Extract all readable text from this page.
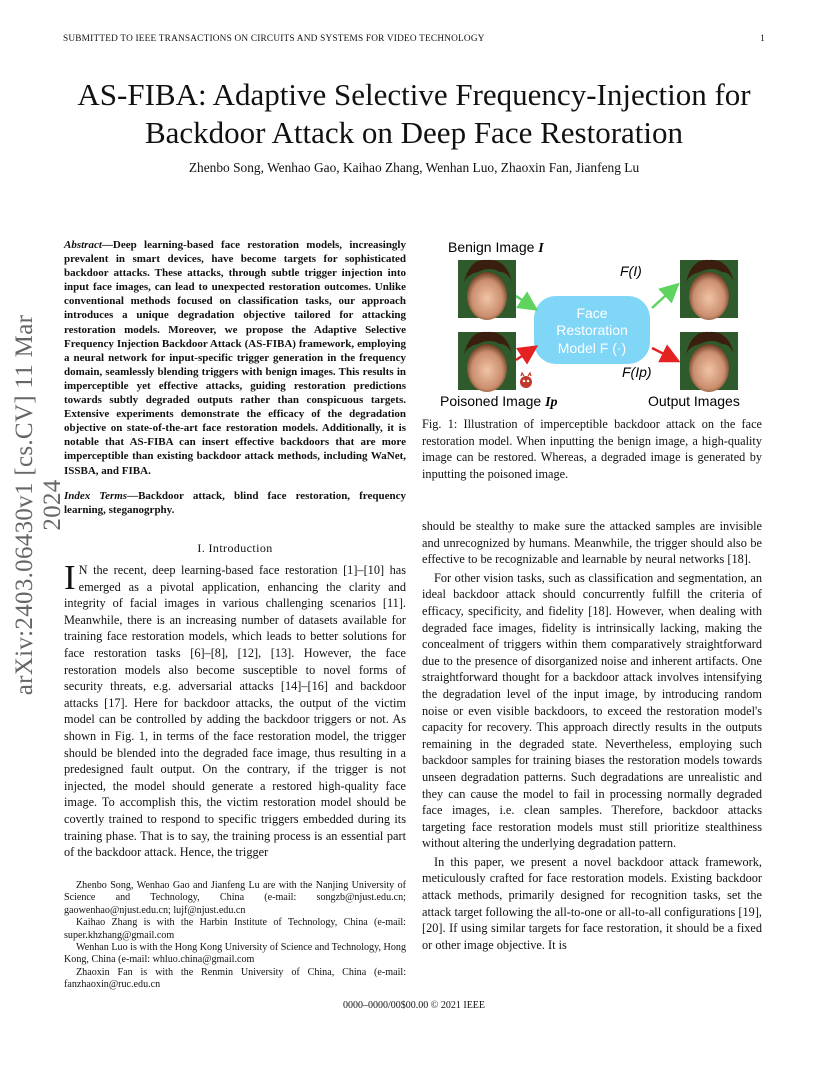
SUBMITTED TO IEEE TRANSACTIONS ON CIRCUITS AND SYSTEMS FOR VIDEO TECHNOLOGY	1
AS-FIBA: Adaptive Selective Frequency-Injection for Backdoor Attack on Deep Face Restoration
Zhenbo Song, Wenhao Gao, Kaihao Zhang, Wenhan Luo, Zhaoxin Fan, Jianfeng Lu
arXiv:2403.06430v1 [cs.CV] 11 Mar 2024
Abstract—Deep learning-based face restoration models, increasingly prevalent in smart devices, have become targets for sophisticated backdoor attacks. These attacks, through subtle trigger injection into input face images, can lead to unexpected restoration outcomes. Unlike conventional methods focused on classification tasks, our approach introduces a unique degradation objective tailored for attacking restoration models. Moreover, we propose the Adaptive Selective Frequency Injection Backdoor Attack (AS-FIBA) framework, employing a neural network for input-specific trigger generation in the frequency domain, seamlessly blending triggers with benign images. This results in imperceptible yet effective attacks, guiding restoration predictions towards subtly degraded outputs rather than conspicuous targets. Extensive experiments demonstrate the efficacy of the degradation objective on state-of-the-art face restoration models. Additionally, it is notable that AS-FIBA can insert effective backdoors that are more imperceptible than existing backdoor attack methods, including WaNet, ISSBA, and FIBA.
Index Terms—Backdoor attack, blind face restoration, frequency learning, steganogrphy.
I. Introduction
I N the recent, deep learning-based face restoration [1]–[10] has emerged as a pivotal application, enhancing the clarity and integrity of facial images in various challenging scenarios [11]. Meanwhile, there is an increasing number of datasets available for training face restoration models, which leads to better solutions for face restoration tasks [6]–[8], [12], [13]. However, the face restoration models also become susceptible to novel forms of security threats, e.g. adversarial attacks [14]–[16] and backdoor attacks [17]. Here for backdoor attacks, the output of the victim model can be controlled by adding the backdoor triggers or not. As shown in Fig. 1, in terms of the face restoration model, the trigger should be blended into the degraded face image, thus resulting in a predesigned fault output. On the contrary, if the trigger is not injected, the model should generate a restored high-quality face image. To accomplish this, the victim restoration model should be covertly trained to respond to specific triggers embedded during its training phase. That is to say, the training process is an essential part of the backdoor attack. Hence, the trigger

Zhenbo Song, Wenhao Gao and Jianfeng Lu are with the Nanjing University of Science and Technology, China (e-mail: songzb@njust.edu.cn; gaowenhao@njust.edu.cn; lujf@njust.edu.cn

Kaihao Zhang is with the Harbin Institute of Technology, China (e-mail: super.khzhang@gmail.com

Wenhan Luo is with the Hong Kong University of Science and Technology, Hong Kong, China (e-mail: whluo.china@gmail.com

Zhaoxin Fan is with the Renmin University of China, China (e-mail: fanzhaoxin@ruc.edu.cn

Benign Image I
F(I)
F(Ip)
Poisoned Image Ip	Output Images
Face
Restoration
Model F (·)
Fig. 1: Illustration of imperceptible backdoor attack on the face restoration model. When inputting the benign image, a high-quality image can be restored. Whereas, a degraded image is generated by inputting the poisoned image.

should be stealthy to make sure the attacked samples are invisible and unrecognized by humans. Meanwhile, the trigger should also be effective to be recognizable and learnable by neural networks [18].

For other vision tasks, such as classification and segmentation, an ideal backdoor attack should concurrently fulfill the criteria of efficacy, specificity, and fidelity [18]. However, when dealing with degraded face images, fidelity is intrinsically lacking, making the concealment of triggers within them comparatively straightforward due to the presence of disorganized noise and inherent artifacts. One straightforward thought for a backdoor attack involves intensifying the degradation level of the input image, by introducing random noise or even visible backdoors, to exceed the restoration model's capacity for recovery. This approach directly results in the outputs remaining in the degraded state. Nevertheless, employing such backdoor samples for training biases the restoration models towards unseen degradation patterns. Such degradations are unrealistic and they can cause the model to fail in processing normally degraded face images, i.e. clean samples. Therefore, backdoor attacks targeting face restoration models must still prioritize stealthiness without altering the underlying degradation pattern.

In this paper, we present a novel backdoor attack framework, meticulously crafted for face restoration models. Existing backdoor attack methods, primarily designed for recognition tasks, set the attack target following the all-to-one or all-to-all configurations [19], [20]. If using similar targets for face restoration, it should be a fixed or other image objective. It is

0000–0000/00$00.00 © 2021 IEEE
